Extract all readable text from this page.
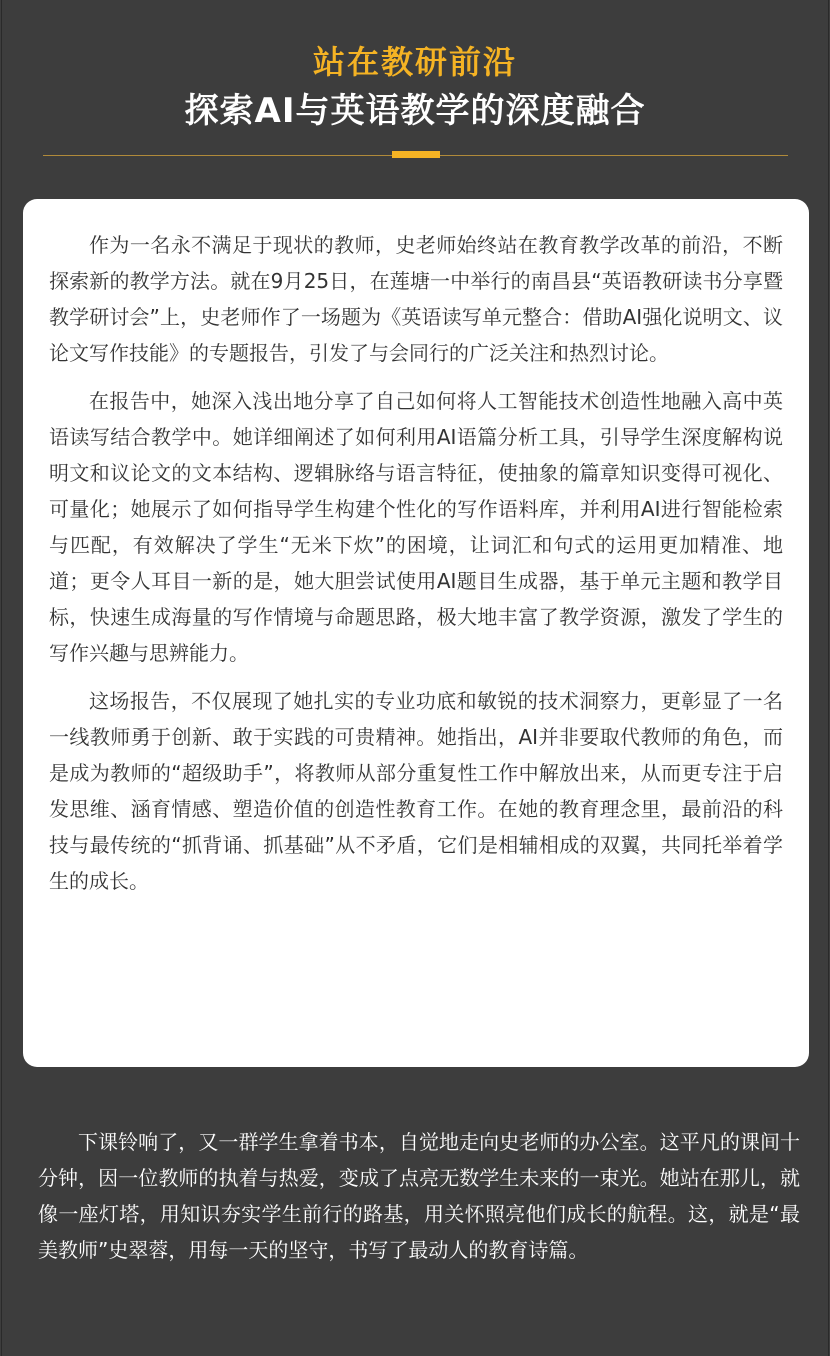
站在教研前沿
探索AI与英语教学的深度融合

作为一名永不满足于现状的教师，史老师始终站在教育教学改革的前沿，不断探索新的教学方法。就在9月25日，在莲塘一中举行的南昌县“英语教研读书分享暨教学研讨会”上，史老师作了一场题为《英语读写单元整合：借助AI强化说明文、议论文写作技能》的专题报告，引发了与会同行的广泛关注和热烈讨论。

在报告中，她深入浅出地分享了自己如何将人工智能技术创造性地融入高中英语读写结合教学中。她详细阐述了如何利用AI语篇分析工具，引导学生深度解构说明文和议论文的文本结构、逻辑脉络与语言特征，使抽象的篇章知识变得可视化、可量化；她展示了如何指导学生构建个性化的写作语料库，并利用AI进行智能检索与匹配，有效解决了学生“无米下炊”的困境，让词汇和句式的运用更加精准、地道；更令人耳目一新的是，她大胆尝试使用AI题目生成器，基于单元主题和教学目标，快速生成海量的写作情境与命题思路，极大地丰富了教学资源，激发了学生的写作兴趣与思辨能力。

这场报告，不仅展现了她扎实的专业功底和敏锐的技术洞察力，更彰显了一名一线教师勇于创新、敢于实践的可贵精神。她指出，AI并非要取代教师的角色，而是成为教师的“超级助手”，将教师从部分重复性工作中解放出来，从而更专注于启发思维、涵育情感、塑造价值的创造性教育工作。在她的教育理念里，最前沿的科技与最传统的“抓背诵、抓基础”从不矛盾，它们是相辅相成的双翼，共同托举着学生的成长。

下课铃响了，又一群学生拿着书本，自觉地走向史老师的办公室。这平凡的课间十分钟，因一位教师的执着与热爱，变成了点亮无数学生未来的一束光。她站在那儿，就像一座灯塔，用知识夯实学生前行的路基，用关怀照亮他们成长的航程。这，就是“最美教师”史翠蓉，用每一天的坚守，书写了最动人的教育诗篇。
